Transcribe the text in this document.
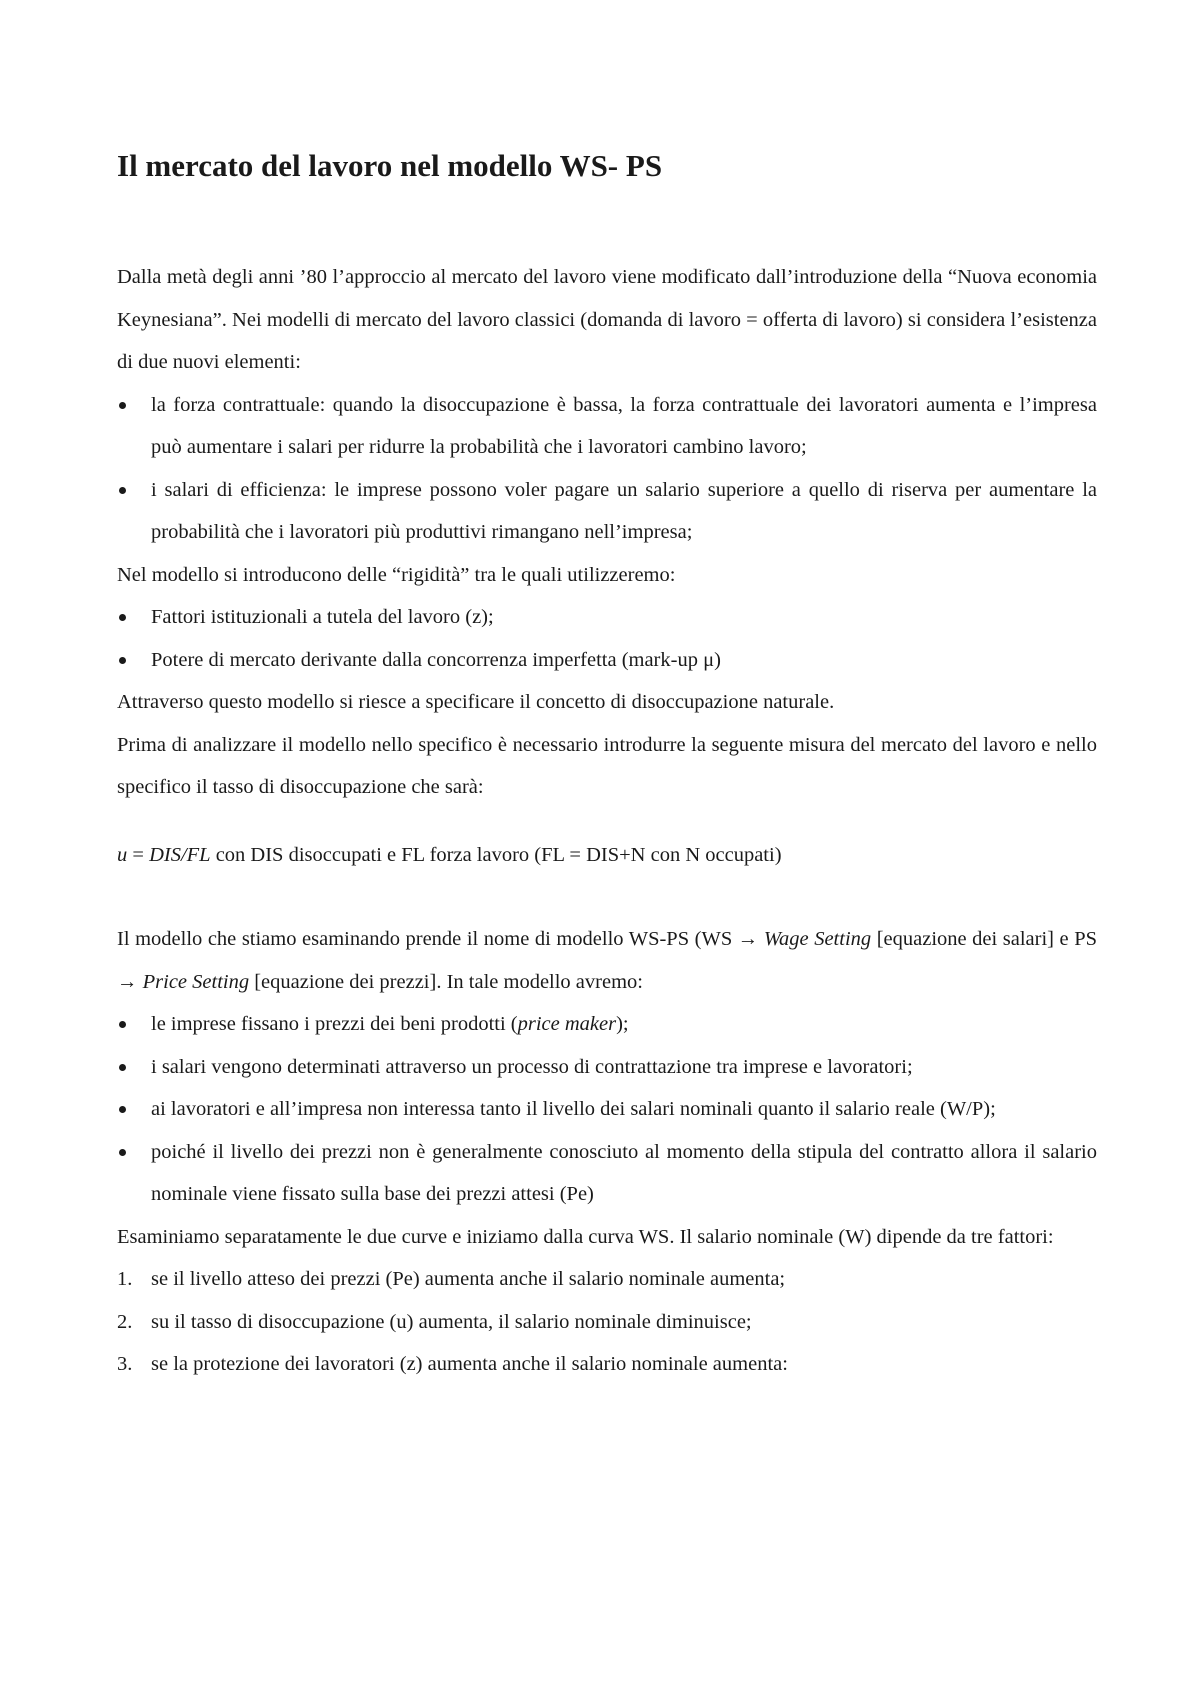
Il mercato del lavoro nel modello WS- PS

Dalla metà degli anni ’80 l’approccio al mercato del lavoro viene modificato dall’introduzione della “Nuova economia Keynesiana”. Nei modelli di mercato del lavoro classici (domanda di lavoro = offerta di lavoro) si considera l’esistenza di due nuovi elementi:

la forza contrattuale: quando la disoccupazione è bassa, la forza contrattuale dei lavoratori aumenta e l’impresa può aumentare i salari per ridurre la probabilità che i lavoratori cambino lavoro;
i salari di efficienza: le imprese possono voler pagare un salario superiore a quello di riserva per aumentare la probabilità che i lavoratori più produttivi rimangano nell’impresa;

Nel modello si introducono delle “rigidità” tra le quali utilizzeremo:

Fattori istituzionali a tutela del lavoro (z);
Potere di mercato derivante dalla concorrenza imperfetta (mark-up μ)

Attraverso questo modello si riesce a specificare il concetto di disoccupazione naturale.

Prima di analizzare il modello nello specifico è necessario introdurre la seguente misura del mercato del lavoro e nello specifico il tasso di disoccupazione che sarà:

u = DIS/FL con DIS disoccupati e FL forza lavoro (FL = DIS+N con N occupati)

Il modello che stiamo esaminando prende il nome di modello WS-PS (WS → Wage Setting [equazione dei salari] e PS → Price Setting [equazione dei prezzi]. In tale modello avremo:

le imprese fissano i prezzi dei beni prodotti (price maker);
i salari vengono determinati attraverso un processo di contrattazione tra imprese e lavoratori;
ai lavoratori e all’impresa non interessa tanto il livello dei salari nominali quanto il salario reale (W/P);
poiché il livello dei prezzi non è generalmente conosciuto al momento della stipula del contratto allora il salario nominale viene fissato sulla base dei prezzi attesi (Pe)

Esaminiamo separatamente le due curve e iniziamo dalla curva WS. Il salario nominale (W) dipende da tre fattori:

1. se il livello atteso dei prezzi (Pe) aumenta anche il salario nominale aumenta;
2. su il tasso di disoccupazione (u) aumenta, il salario nominale diminuisce;
3. se la protezione dei lavoratori (z) aumenta anche il salario nominale aumenta:
